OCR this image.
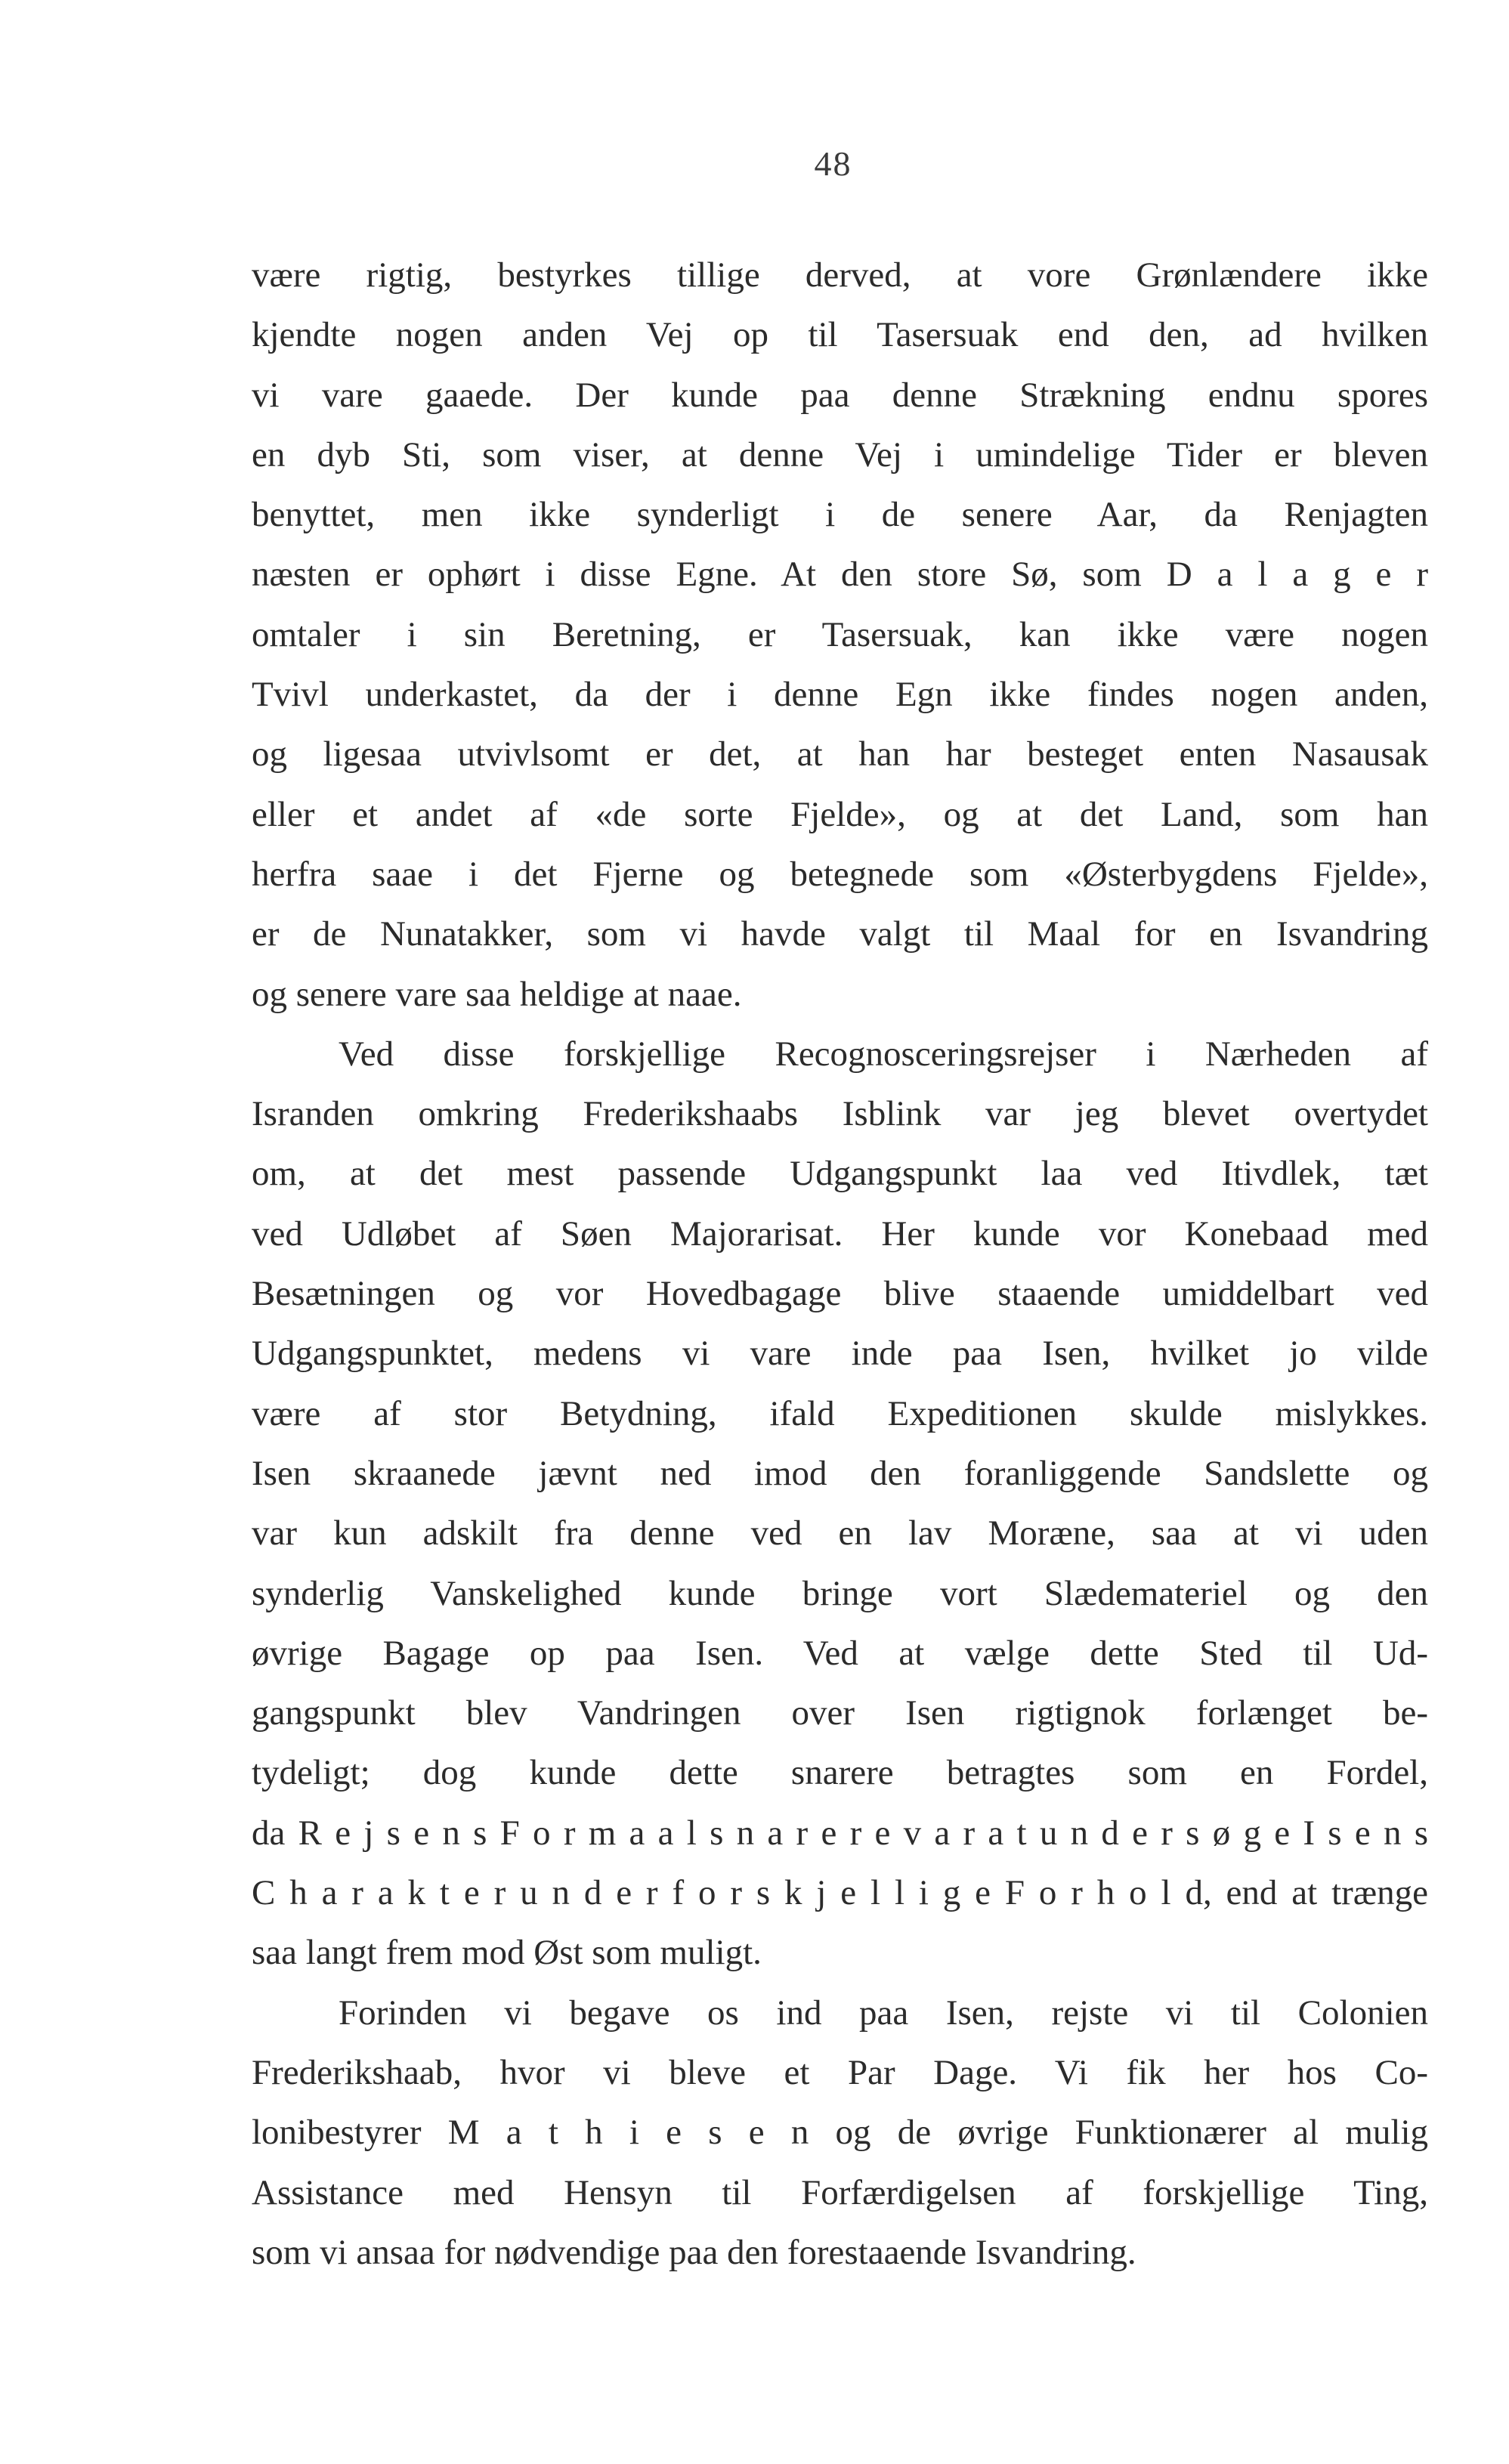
48
være rigtig, bestyrkes tillige derved, at vore Grønlændere ikke
kjendte nogen anden Vej op til Tasersuak end den, ad hvilken
vi vare gaaede. Der kunde paa denne Strækning endnu spores
en dyb Sti, som viser, at denne Vej i umindelige Tider er bleven
benyttet, men ikke synderligt i de senere Aar, da Renjagten
næsten er ophørt i disse Egne. At den store Sø, som D a l a g e r
omtaler i sin Beretning, er Tasersuak, kan ikke være nogen
Tvivl underkastet, da der i denne Egn ikke findes nogen anden,
og ligesaa utvivlsomt er det, at han har besteget enten Nasausak
eller et andet af «de sorte Fjelde», og at det Land, som han
herfra saae i det Fjerne og betegnede som «Østerbygdens Fjelde»,
er de Nunatakker, som vi havde valgt til Maal for en Isvandring
og senere vare saa heldige at naae.
Ved disse forskjellige Recognosceringsrejser i Nærheden af
Isranden omkring Frederikshaabs Isblink var jeg blevet overtydet
om, at det mest passende Udgangspunkt laa ved Itivdlek, tæt
ved Udløbet af Søen Majorarisat. Her kunde vor Konebaad med
Besætningen og vor Hovedbagage blive staaende umiddelbart ved
Udgangspunktet, medens vi vare inde paa Isen, hvilket jo vilde
være af stor Betydning, ifald Expeditionen skulde mislykkes.
Isen skraanede jævnt ned imod den foranliggende Sandslette og
var kun adskilt fra denne ved en lav Moræne, saa at vi uden
synderlig Vanskelighed kunde bringe vort Slædemateriel og den
øvrige Bagage op paa Isen. Ved at vælge dette Sted til Ud-
gangspunkt blev Vandringen over Isen rigtignok forlænget be-
tydeligt; dog kunde dette snarere betragtes som en Fordel,
da R e j s e n s F o r m a a l s n a r e r e v a r a t u n d e r s ø g e I s e n s
C h a r a k t e r u n d e r f o r s k j e l l i g e F o r h o l d, end at trænge
saa langt frem mod Øst som muligt.
Forinden vi begave os ind paa Isen, rejste vi til Colonien
Frederikshaab, hvor vi bleve et Par Dage. Vi fik her hos Co-
lonibestyrer M a t h i e s e n og de øvrige Funktionærer al mulig
Assistance med Hensyn til Forfærdigelsen af forskjellige Ting,
som vi ansaa for nødvendige paa den forestaaende Isvandring.
